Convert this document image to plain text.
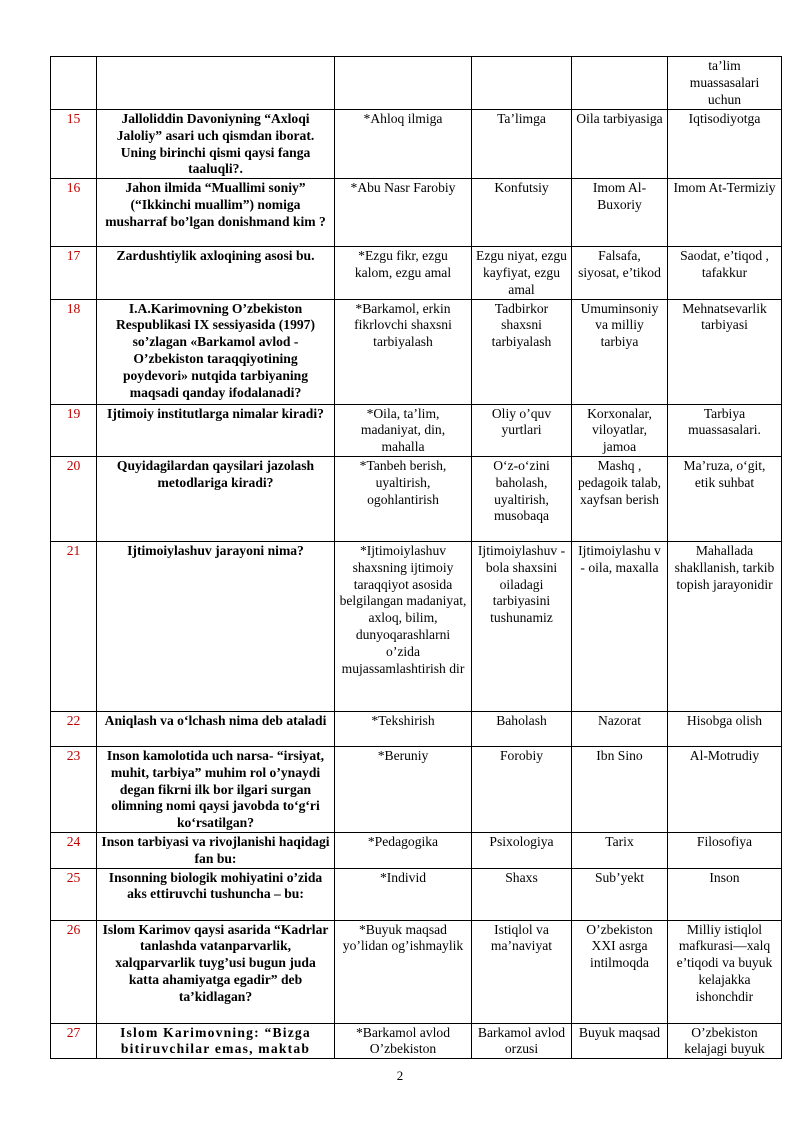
					ta’lim muassasalari uchun
15	Jalloliddin Davoniyning “Axloqi Jaloliy” asari uch qismdan iborat. Uning birinchi qismi qaysi fanga taaluqli?.	*Ahloq ilmiga	Ta’limga	Oila tarbiyasiga	Iqtisodiyotga
16	Jahon ilmida “Muallimi soniy” (“Ikkinchi muallim”) nomiga musharraf bo’lgan donishmand kim ?	*Abu Nasr Farobiy	Konfutsiy	Imom Al-Buxoriy	Imom At-Termiziy
17	Zardushtiylik axloqining asosi bu.	*Ezgu fikr, ezgu kalom, ezgu amal	Ezgu niyat, ezgu kayfiyat, ezgu amal	Falsafa, siyosat, e’tikod	Saodat, e’tiqod , tafakkur
18	I.A.Karimovning O’zbekiston Respublikasi IX sessiyasida (1997) so’zlagan «Barkamol avlod -O’zbekiston taraqqiyotining poydevori» nutqida tarbiyaning maqsadi qanday ifodalanadi?	*Barkamol, erkin fikrlovchi shaxsni tarbiyalash	Tadbirkor shaxsni tarbiyalash	Umuminsoniy va milliy tarbiya	Mehnatsevarlik tarbiyasi
19	Ijtimoiy institutlarga nimalar kiradi?	*Oila, ta’lim, madaniyat, din, mahalla	Oliy o’quv yurtlari	Korxonalar, viloyatlar, jamoa	Tarbiya muassasalari.
20	Quyidagilardan qaysilari jazolash metodlariga kiradi?	*Tanbeh berish, uyaltirish, ogohlantirish	O‘z-o‘zini baholash, uyaltirish, musobaqa	Mashq , pedagoik talab, xayfsan berish	Ma’ruza, o‘git, etik suhbat
21	Ijtimoiylashuv jarayoni nima?	*Ijtimoiylashuv shaxsning ijtimoiy taraqqiyot asosida belgilangan madaniyat, axloq, bilim, dunyoqarashlarni o’zida mujassamlashtirish dir	Ijtimoiylashuv - bola shaxsini oiladagi tarbiyasini tushunamiz	Ijtimoiylashu v - oila, maxalla	Mahallada shakllanish, tarkib topish jarayonidir
22	Aniqlash va o‘lchash nima deb ataladi	*Tekshirish	Baholash	Nazorat	Hisobga olish
23	Inson kamolotida uch narsa- “irsiyat, muhit, tarbiya” muhim rol o’ynaydi degan fikrni ilk bor ilgari surgan olimning nomi qaysi javobda to‘g‘ri ko‘rsatilgan?	*Beruniy	Forobiy	Ibn Sino	Al-Motrudiy
24	Inson tarbiyasi va rivojlanishi haqidagi fan bu:	*Pedagogika	Psixologiya	Tarix	Filosofiya
25	Insonning biologik mohiyatini o’zida aks ettiruvchi tushuncha – bu:	*Individ	Shaxs	Sub’yekt	Inson
26	Islom Karimov qaysi asarida “Kadrlar tanlashda vatanparvarlik, xalqparvarlik tuyg’usi bugun juda katta ahamiyatga egadir” deb ta’kidlagan?	*Buyuk maqsad yo’lidan og’ishmaylik	Istiqlol va ma’naviyat	O’zbekiston XXI asrga intilmoqda	Milliy istiqlol mafkurasi—xalq e’tiqodi va buyuk kelajakka ishonchdir
27	Islom Karimovning: “Bizga bitiruvchilar emas, maktab	*Barkamol avlod O’zbekiston	Barkamol avlod orzusi	Buyuk maqsad	O’zbekiston kelajagi buyuk
2
